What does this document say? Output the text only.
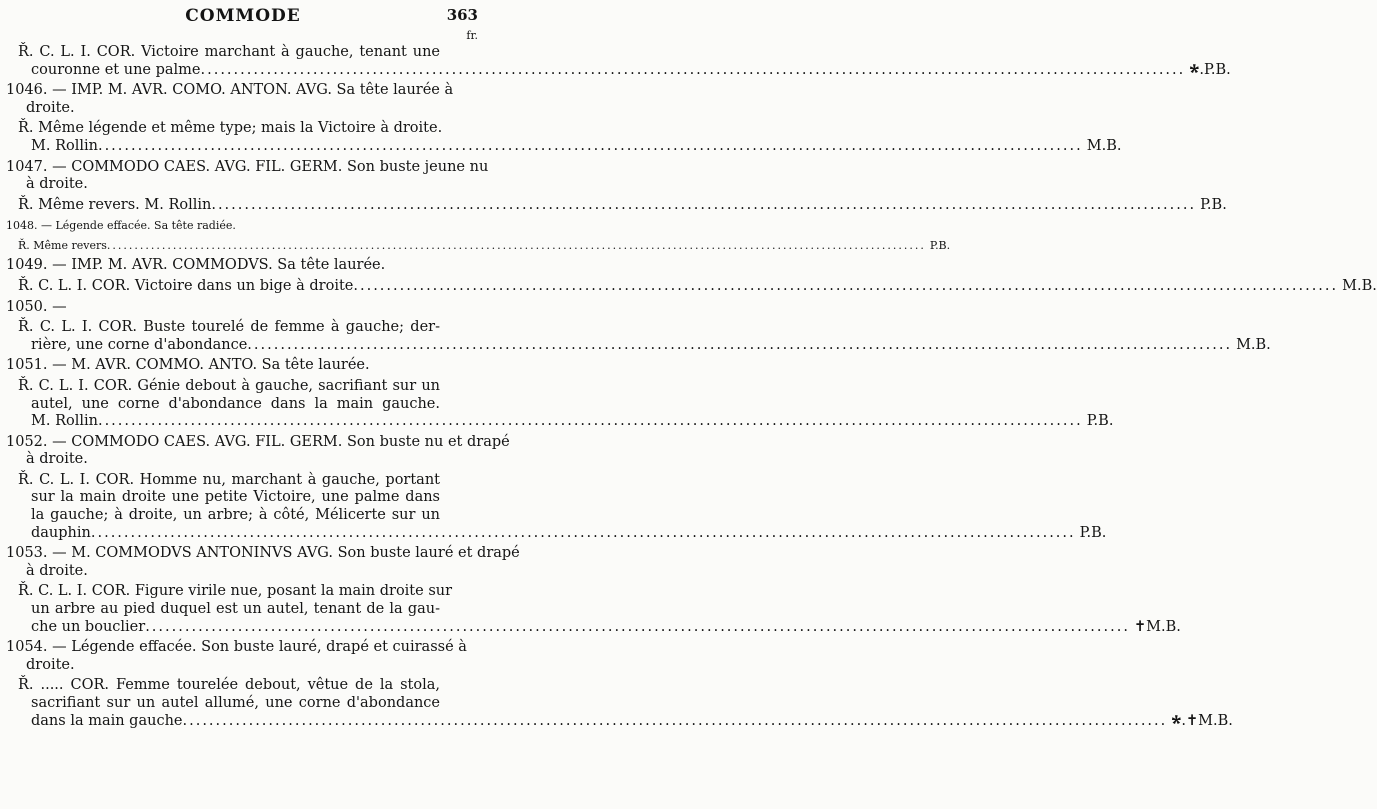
COMMODE	363
fr.
Ř. C. L. I. COR. Victoire marchant à gauche, tenant une
couronne et une palme .....	🞲.P.B.
1046. — IMP. M. AVR. COMO. ANTON. AVG. Sa tête laurée à
droite.
Ř. Même légende et même type; mais la Victoire à droite.
M. Rollin .....	M.B.
1047. — COMMODO CAES. AVG. FIL. GERM. Son buste jeune nu
à droite.
Ř. Même revers. M. Rollin .....	P.B.
1048. — Légende effacée. Sa tête radiée.
Ř. Même revers .....	P.B.
1049. — IMP. M. AVR. COMMODVS. Sa tête laurée.
Ř. C. L. I. COR. Victoire dans un bige à droite .....	M.B.
1050. —
Ř. C. L. I. COR. Buste tourelé de femme à gauche; der-
rière, une corne d'abondance .....	M.B.
1051. — M. AVR. COMMO. ANTO. Sa tête laurée.
Ř. C. L. I. COR. Génie debout à gauche, sacrifiant sur un
autel, une corne d'abondance dans la main gauche.
M. Rollin .....	P.B.
1052. — COMMODO CAES. AVG. FIL. GERM. Son buste nu et drapé
à droite.
Ř. C. L. I. COR. Homme nu, marchant à gauche, portant
sur la main droite une petite Victoire, une palme dans
la gauche; à droite, un arbre; à côté, Mélicerte sur un
dauphin .....	P.B.
1053. — M. COMMODVS ANTONINVS AVG. Son buste lauré et drapé
à droite.
Ř. C. L. I. COR. Figure virile nue, posant la main droite sur
un arbre au pied duquel est un autel, tenant de la gau-
che un bouclier .....	✝M.B.
1054. — Légende effacée. Son buste lauré, drapé et cuirassé à
droite.
Ř. ..... COR. Femme tourelée debout, vêtue de la stola,
sacrifiant sur un autel allumé, une corne d'abondance
dans la main gauche .....	🞲.✝M.B.
